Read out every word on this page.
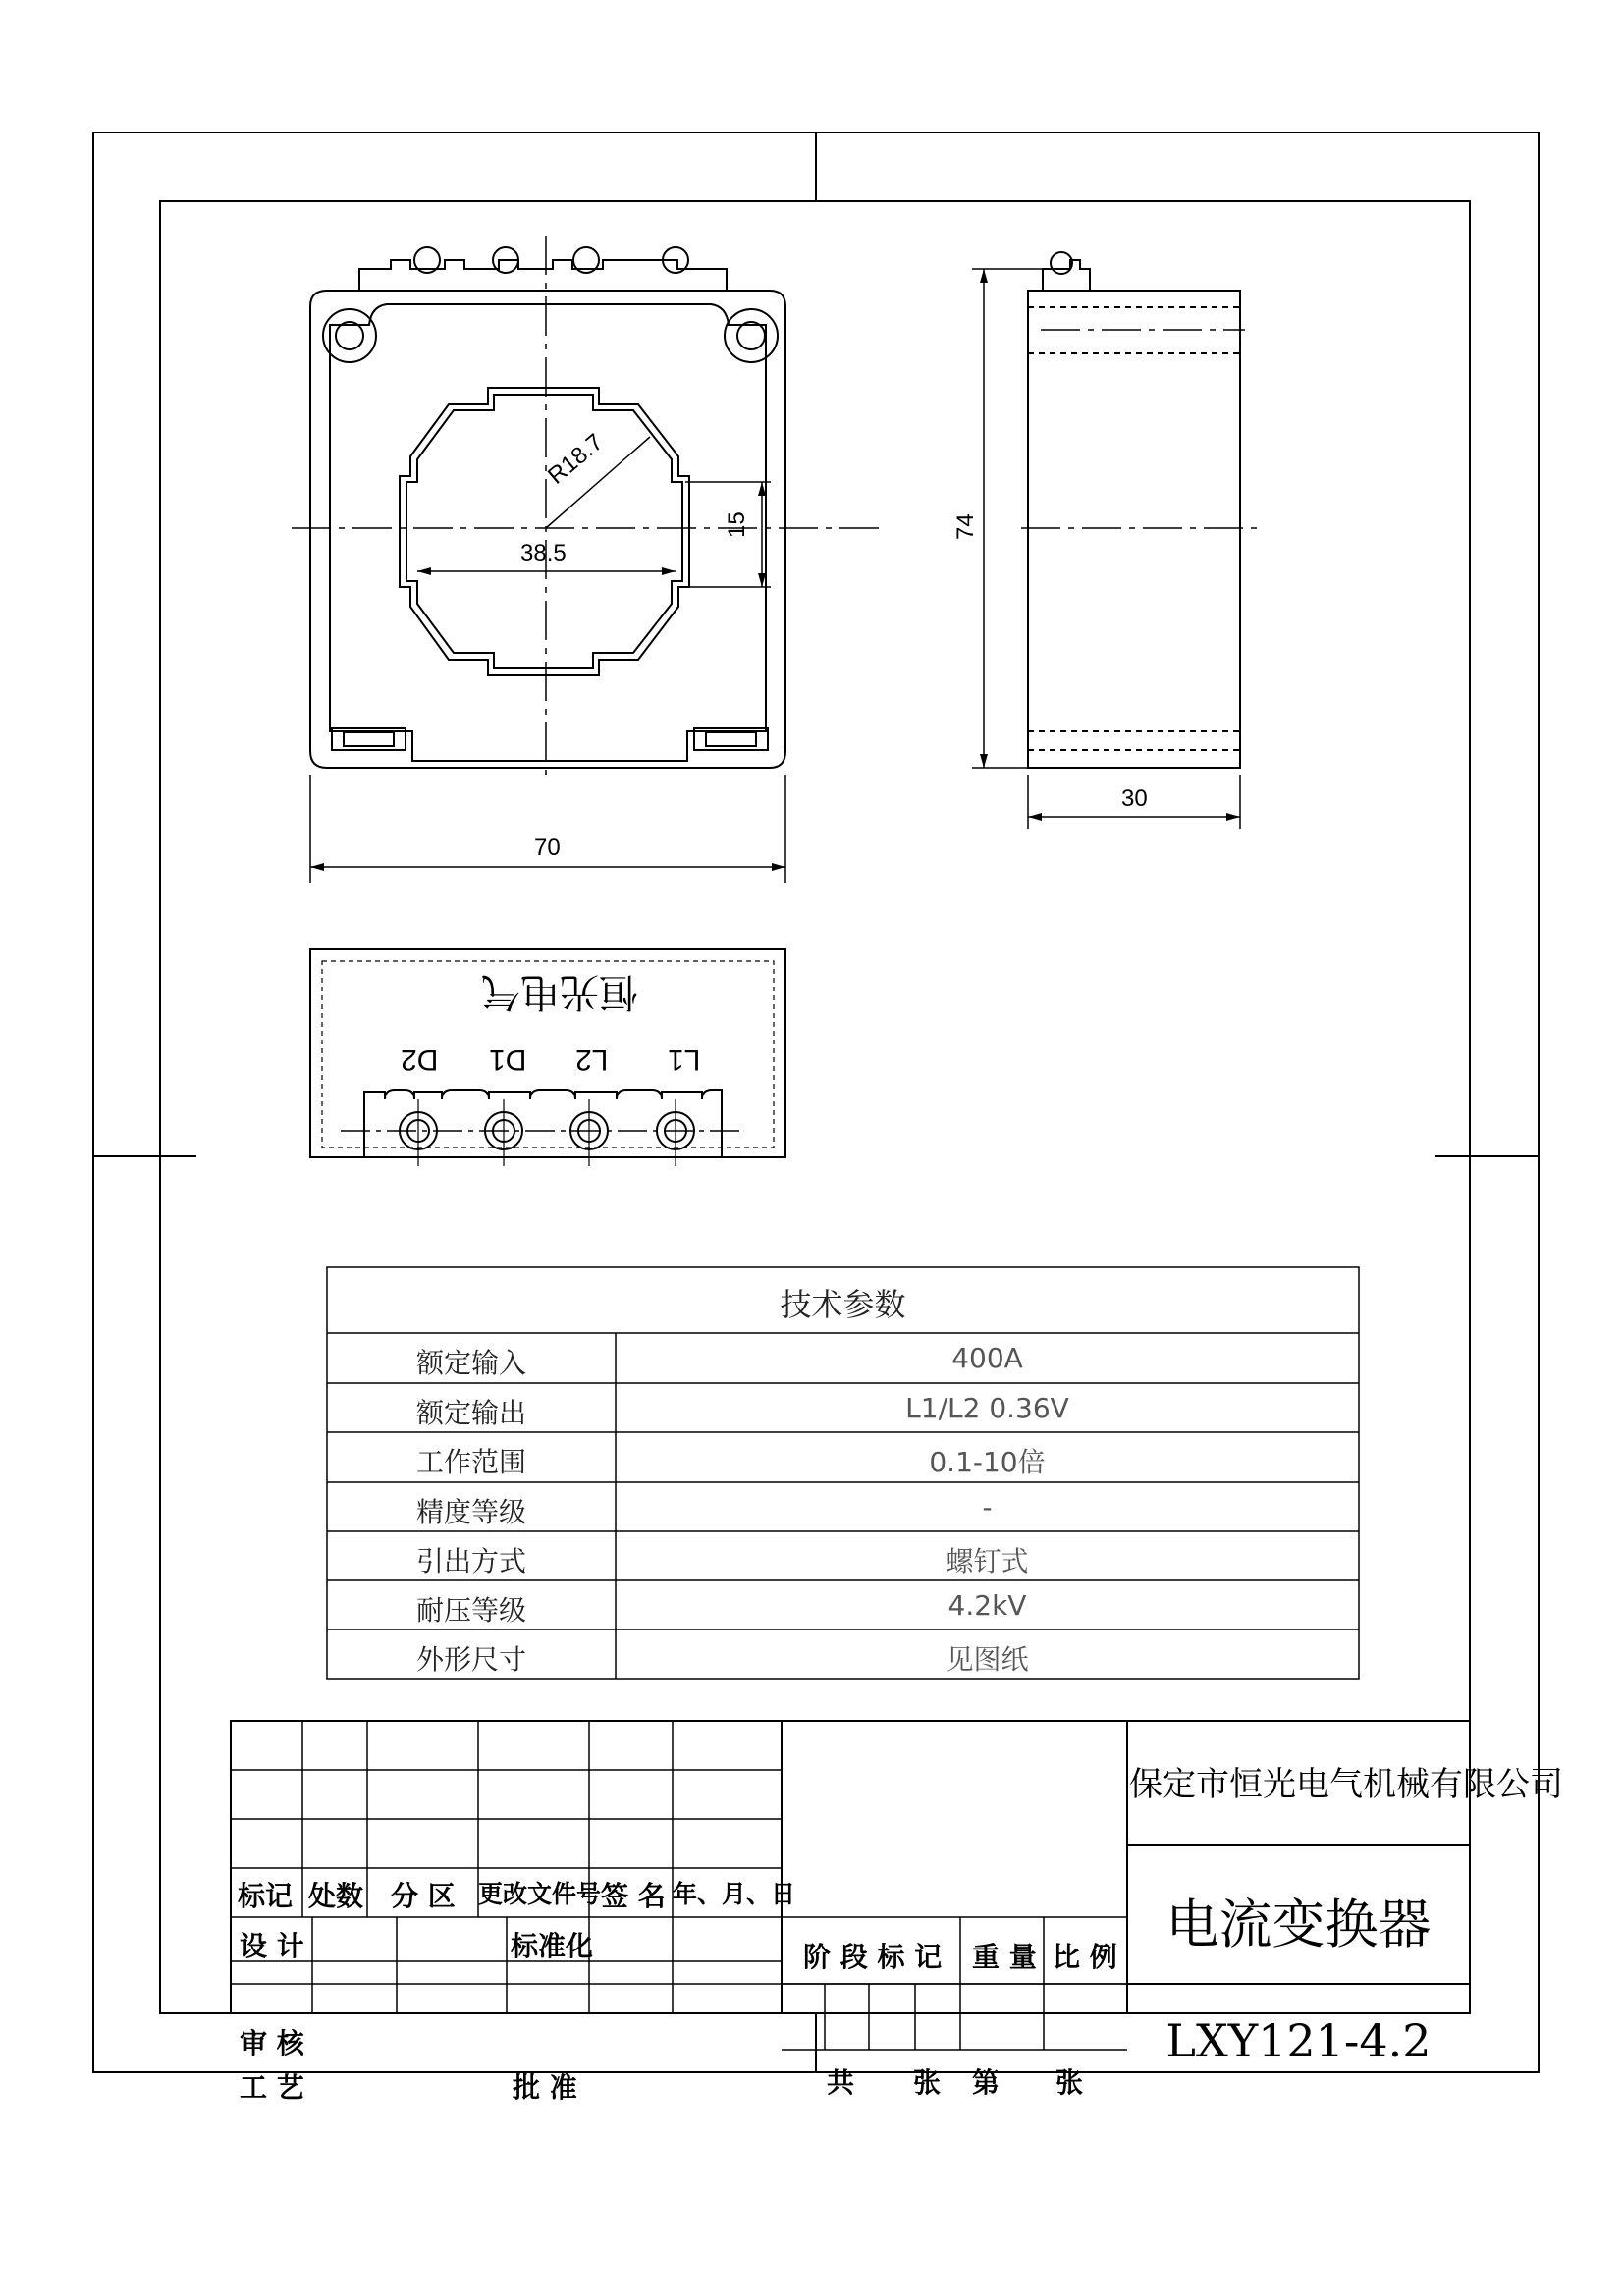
R18.7
38.5
15	74
70
30
恒光电气
L1
L2
D1
D2
技术参数
额定输入	400A
额定输出	L1/L2 0.36V
工作范围	0.1-10倍
精度等级	-
引出方式	螺钉式
耐压等级	4.2kV
外形尺寸	见图纸
标记 处数 分 区 更改文件号 签 名 年、月、日
设 计	标准化
审 核
工 艺	批 准
阶 段 标 记 重 量 比 例
共 张 第 张
保定市恒光电气机械有限公司
电流变换器
LXY121-4.2
